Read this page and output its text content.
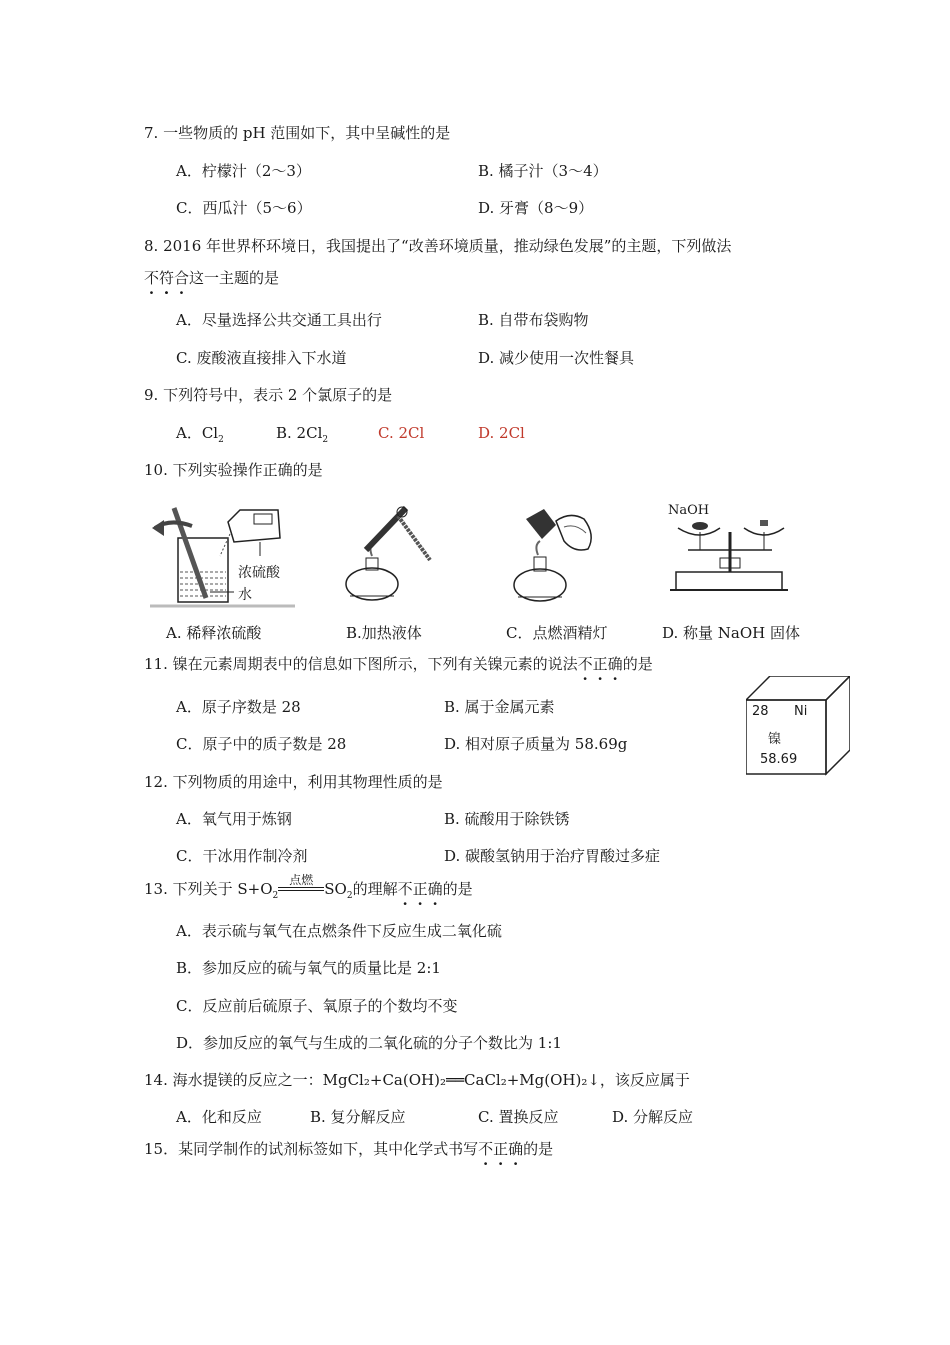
7. 一些物质的 pH 范围如下，其中呈碱性的是
A．柠檬汁（2～3）	B. 橘子汁（3～4）
C．西瓜汁（5～6）	D. 牙膏（8～9）
8. 2016 年世界杯环境日，我国提出了“改善环境质量，推动绿色发展”的主题，下列做法
不符合这一主题的是
A．尽量选择公共交通工具出行	B. 自带布袋购物
C. 废酸液直接排入下水道	D. 减少使用一次性餐具
9. 下列符号中，表示 2 个氯原子的是
A．$Cl_2$	B. $2Cl_2$	C. 2Cl	D. 2Cl
10. 下列实验操作正确的是
浓硫酸
水
NaOH
A. 稀释浓硫酸	B.加热液体	C．点燃酒精灯	D. 称量 NaOH 固体
11. 镍在元素周期表中的信息如下图所示，下列有关镍元素的说法不正确的是
A．原子序数是 28	B. 属于金属元素
C．原子中的质子数是 28	D. 相对原子质量为 58.69g
28 Ni
镍
58.69
12. 下列物质的用途中，利用其物理性质的是
A．氧气用于炼钢	B. 硫酸用于除铁锈
C．干冰用作制冷剂	D. 碳酸氢钠用于治疗胃酸过多症
13. 下列关于 $S+O_2$
点燃 $SO_2$的理解不正确的是
A．表示硫与氧气在点燃条件下反应生成二氧化硫
B．参加反应的硫与氧气的质量比是 2:1
C．反应前后硫原子、氧原子的个数均不变
D．参加反应的氧气与生成的二氧化硫的分子个数比为 1:1
14. 海水提镁的反应之一：MgCl₂+Ca(OH)₂══CaCl₂+Mg(OH)₂↓，该反应属于
A．化和反应	B. 复分解反应	C. 置换反应	D. 分解反应
15．某同学制作的试剂标签如下，其中化学式书写不正确的是
